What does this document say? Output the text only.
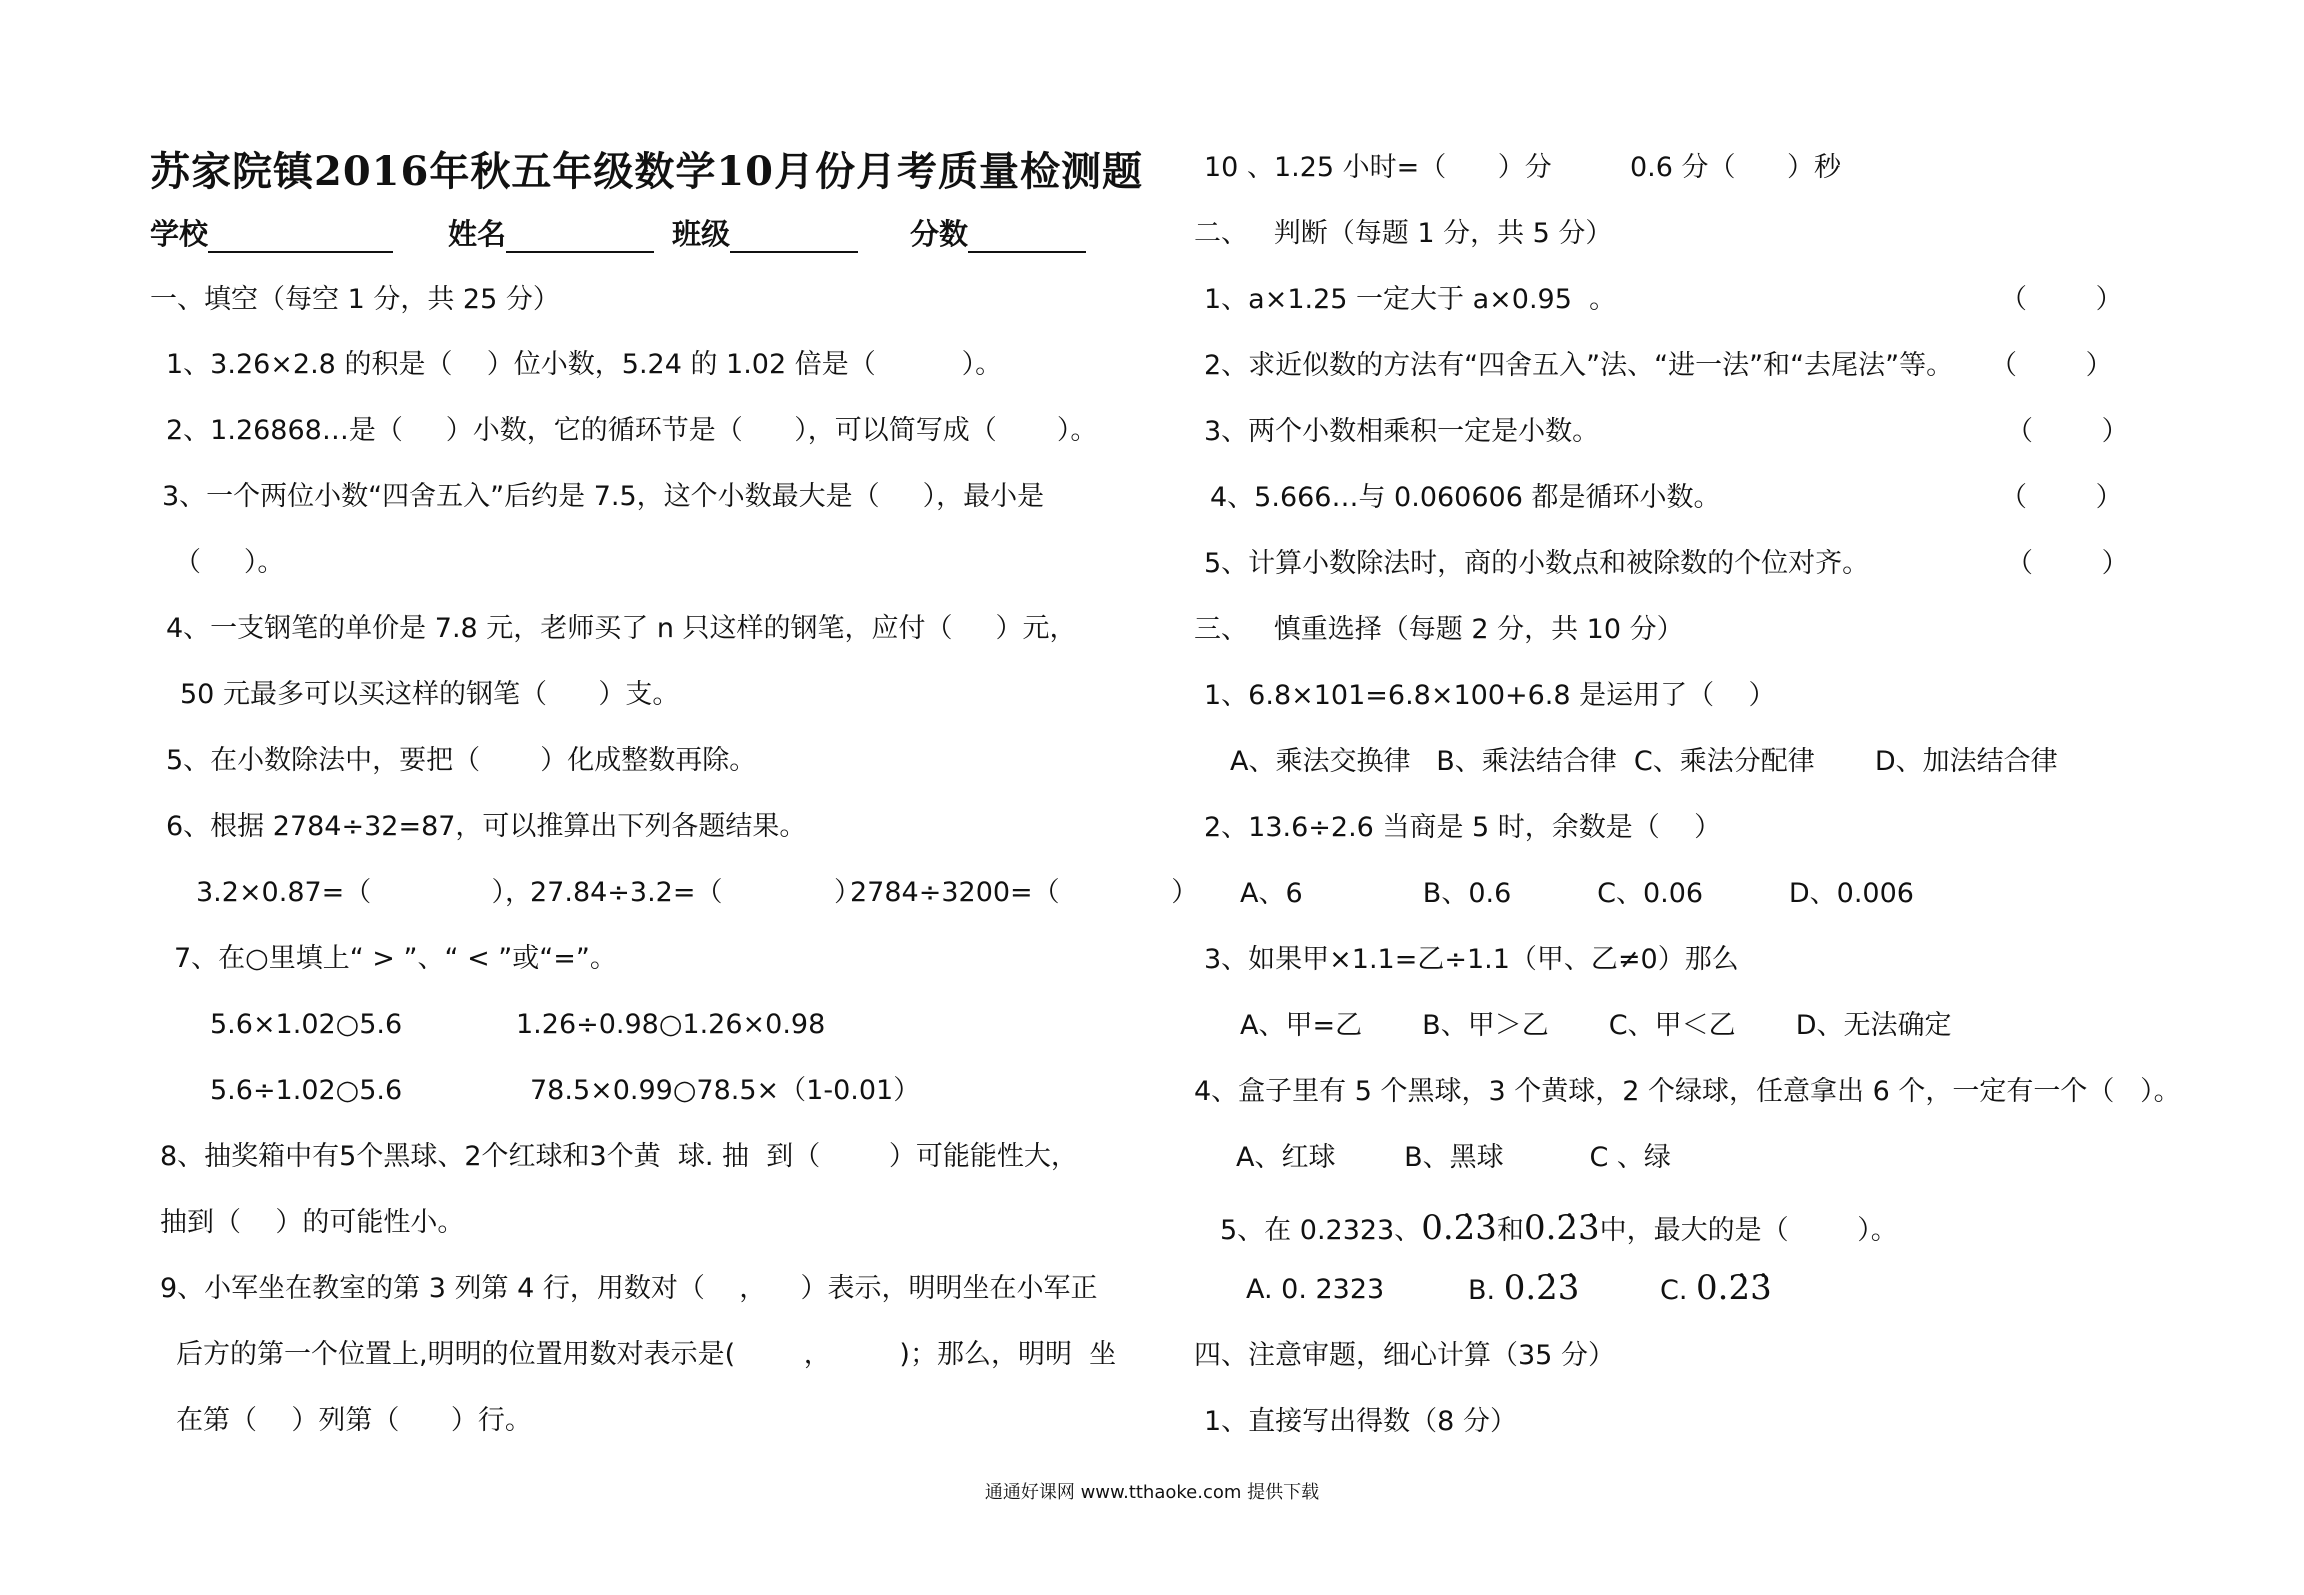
苏家院镇2016年秋五年级数学10月份月考质量检测题
学校	姓名	班级	分数
一、填空（每空 1 分，共 25 分）
1、3.26×2.8 的积是（    ）位小数，5.24 的 1.02 倍是（          ）。
2、1.26868…是（     ）小数，它的循环节是（      ），可以简写成（       ）。
3、一个两位小数“四舍五入”后约是 7.5，这个小数最大是（     ），最小是
（     ）。
4、一支钢笔的单价是 7.8 元，老师买了 n 只这样的钢笔，应付（     ）元，
50 元最多可以买这样的钢笔（      ）支。
5、在小数除法中，要把（       ）化成整数再除。
6、根据 2784÷32=87，可以推算出下列各题结果。
3.2×0.87=（              ），
27.84÷3.2=（             ）
2784÷3200=（             ）
7、在○里填上“ > ”、“ < ”或“=”。
5.6×1.02○5.6	1.26÷0.98○1.26×0.98
5.6÷1.02○5.6	78.5×0.99○78.5×（1-0.01）
8、抽奖箱中有5个黑球、2个红球和3个黄  球. 抽  到（        ）可能能性大，
抽到（    ）的可能性小。
9、小军坐在教室的第 3 列第 4 行，用数对（    ，    ）表示，明明坐在小军正
后方的第一个位置上,明明的位置用数对表示是(        ，        )；那么，明明  坐
在第（    ）列第（      ）行。
10 、1.25 小时=（      ）分	0.6 分（      ）秒
二、   判断（每题 1 分，共 5 分）
1、a×1.25 一定大于 a×0.95  。	（        ）
2、求近似数的方法有“四舍五入”法、“进一法”和“去尾法”等。 （        ）
3、两个小数相乘积一定是小数。	（        ）
4、5.666…与 0.060606 都是循环小数。	（        ）
5、计算小数除法时，商的小数点和被除数的个位对齐。	（        ）
三、   慎重选择（每题 2 分，共 10 分）
1、6.8×101=6.8×100+6.8 是运用了（    ）
A、乘法交换律   B、乘法结合律  C、乘法分配律       D、加法结合律
2、13.6÷2.6 当商是 5 时，余数是（    ）
A、6              B、0.6          C、0.06          D、0.006
3、如果甲×1.1=乙÷1.1（甲、乙≠0）那么
A、甲=乙       B、甲＞乙       C、甲＜乙       D、无法确定
4、盒子里有 5 个黑球，3 个黄球，2 个绿球，任意拿出 6 个，一定有一个（   ）。
A、红球        B、黑球          C 、绿
5、在 0.2323、0.2̇3̇和0.2̇3̇中，最大的是（        ）。
A. 0. 2323	B. 0.2̇3̇	C. 0.2̇3̇
四、注意审题，细心计算（35 分）
1、直接写出得数（8 分）
通通好课网 www.tthaoke.com 提供下载
